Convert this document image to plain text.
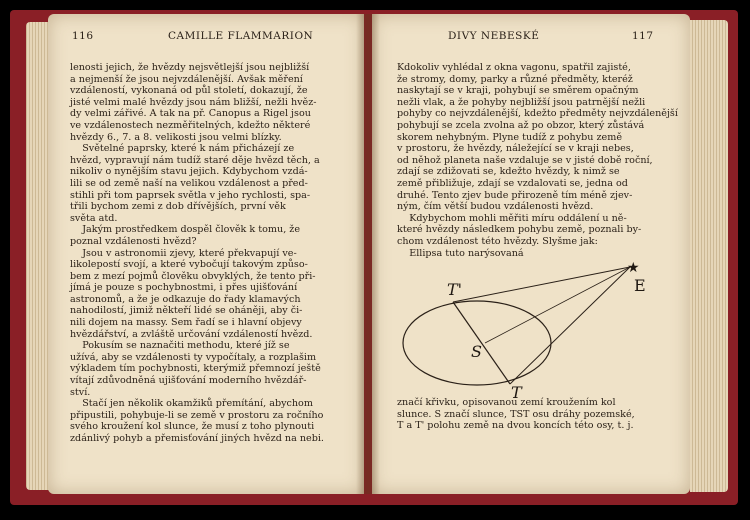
116	CAMILLE FLAMMARION	DIVY NEBESKÉ	117
lenosti jejich, že hvězdy nejsvětlejší jsou nejbližší
a nejmenší že jsou nejvzdálenější. Avšak měření
vzdáleností, vykonaná od půl století, dokazují, že
jisté velmi malé hvězdy jsou nám bližší, nežli hvěz-
dy velmi zářivé. A tak na př. Canopus a Rigel jsou
ve vzdálenostech nezměřitelných, kdežto některé
hvězdy 6., 7. a 8. velikosti jsou velmi blízky.
Světelné paprsky, které k nám přicházejí ze
hvězd, vypravují nám tudíž staré děje hvězd těch, a
nikoliv o nynějším stavu jejich. Kdybychom vzdá-
lili se od země naší na velikou vzdálenost a před-
stihli při tom paprsek světla v jeho rychlosti, spa-
třili bychom zemi z dob dřívějších, první věk
světa atd.
Jakým prostředkem dospěl člověk k tomu, že
poznal vzdálenosti hvězd?
Jsou v astronomii zjevy, které překvapují ve-
likolepostí svojí, a které vybočují takovým způso-
bem z mezí pojmů člověku obvyklých, že tento při-
jímá je pouze s pochybnostmi, i přes ujišťování
astronomů, a že je odkazuje do řady klamavých
nahodilostí, jimiž někteří lidé se oháněji, aby či-
nili dojem na massy. Sem řadí se i hlavní objevy
hvězdářství, a zvláště určování vzdáleností hvězd.
Pokusím se naznačiti methodu, které jíž se
užívá, aby se vzdálenosti ty vypočítaly, a rozplašim
výkladem tím pochybnosti, kterýmiž přemnozí ještě
vítají zdůvodněná ujišťování moderního hvězdář-
ství.
Stačí jen několik okamžiků přemítání, abychom
připustili, pohybuje-li se země v prostoru za ročního
svého kroužení kol slunce, že musí z toho plynouti
zdánlivý pohyb a přemisťování jiných hvězd na nebi.
Kdokoliv vyhlédal z okna vagonu, spatřil zajisté,
že stromy, domy, parky a různé předměty, kteréž
naskytají se v kraji, pohybují se směrem opačným
nežli vlak, a že pohyby nejbližší jsou patrnější nežli
pohyby co nejvzdálenější, kdežto předměty nejvzdálenější
pohybují se zcela zvolna až po obzor, který zůstává
skorem nehybným. Plyne tudíž z pohybu země
v prostoru, že hvězdy, náležející se v kraji nebes,
od něhož planeta naše vzdaluje se v jisté době roční,
zdají se zdižovati se, kdežto hvězdy, k nimž se
země přibližuje, zdají se vzdalovati se, jedna od
druhé. Tento zjev bude přirozeně tím méně zjev-
ným, čím větší budou vzdálenosti hvězd.
Kdybychom mohli měřiti míru oddálení u ně-
které hvězdy následkem pohybu země, poznali by-
chom vzdálenost této hvězdy. Slyšme jak:
Ellipsa tuto narýsovaná
★
E
T'
S
T
značí křivku, opisovanou zemí kroužením kol
slunce. S značí slunce, TST osu dráhy pozemské,
T a T' polohu země na dvou koncích této osy, t. j.
